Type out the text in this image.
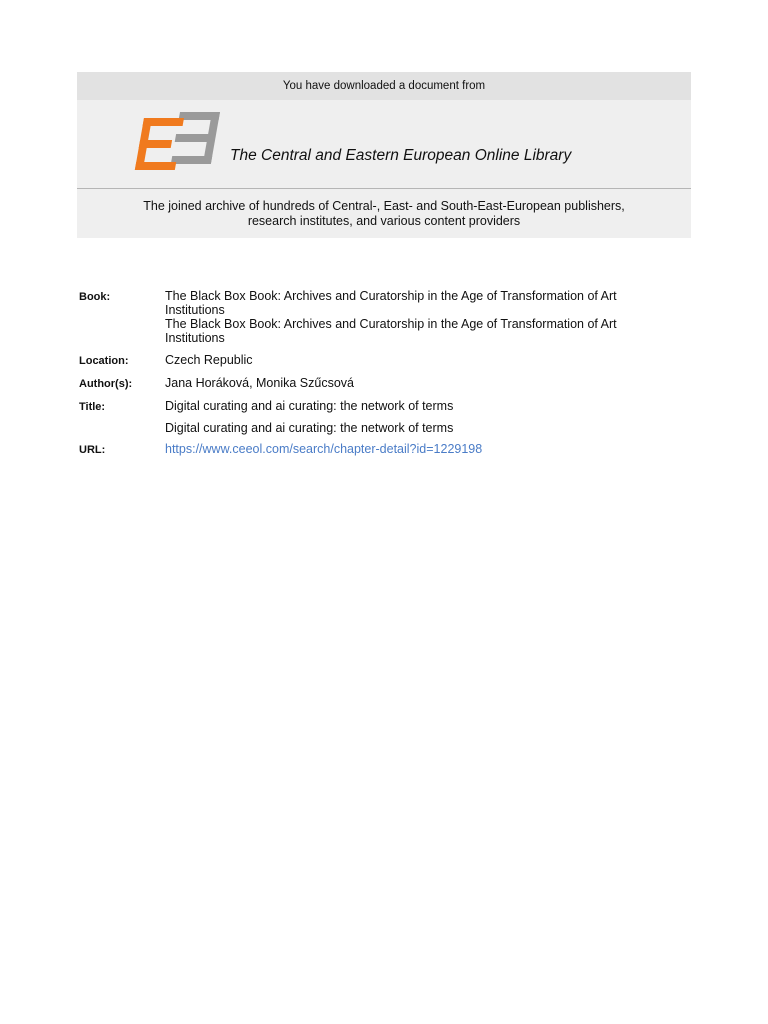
You have downloaded a document from
The Central and Eastern European Online Library
The joined archive of hundreds of Central-, East- and South-East-European publishers,
research institutes, and various content providers
Book:	The Black Box Book: Archives and Curatorship in the Age of Transformation of Art
Institutions
The Black Box Book: Archives and Curatorship in the Age of Transformation of Art
Institutions
Location:	Czech Republic
Author(s):	Jana Horáková, Monika Szűcsová
Title:	Digital curating and ai curating: the network of terms
Digital curating and ai curating: the network of terms
URL:	https://www.ceeol.com/search/chapter-detail?id=1229198
